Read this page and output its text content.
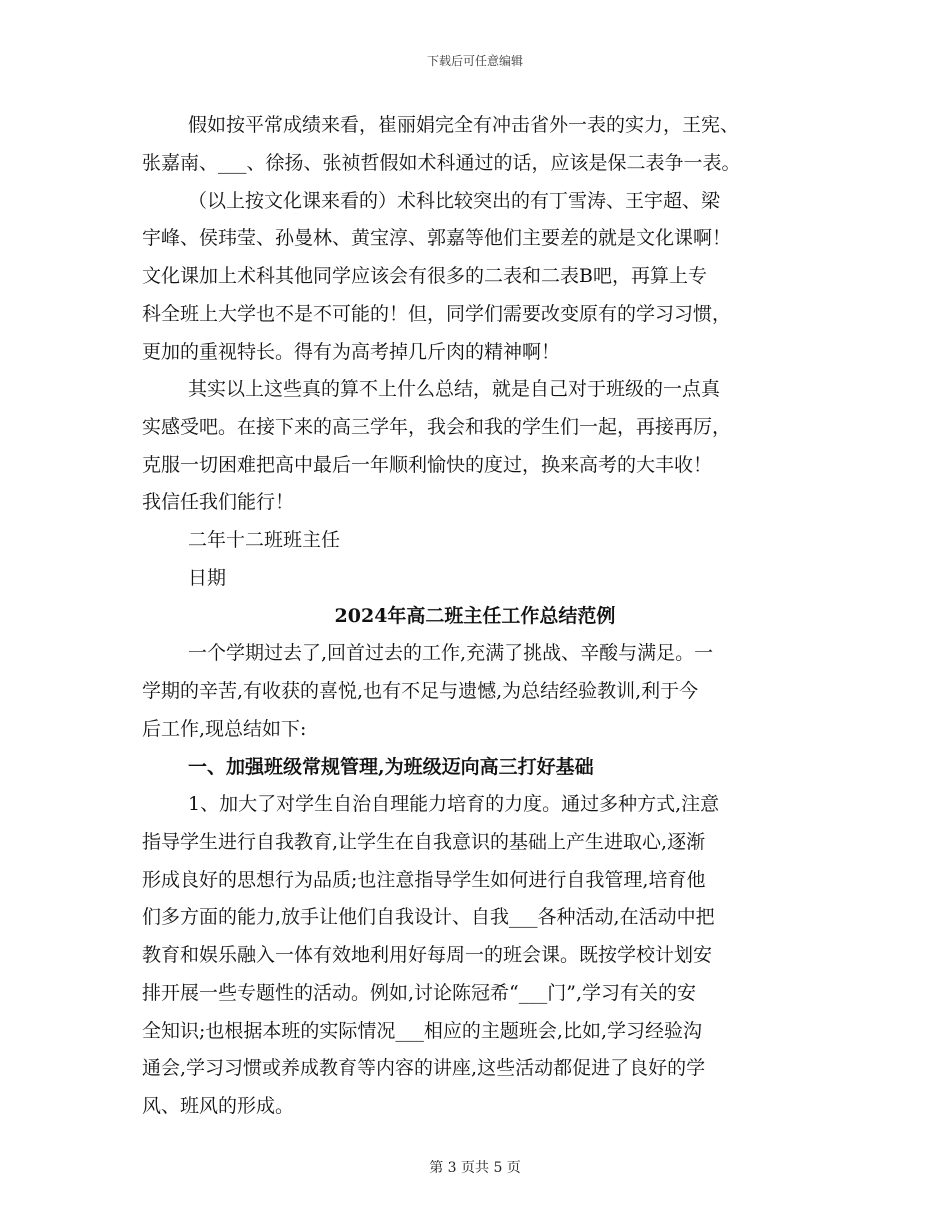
下载后可任意编辑
假如按平常成绩来看，崔丽娟完全有冲击省外一表的实力，王宪、
张嘉南、___、徐扬、张祯哲假如术科通过的话，应该是保二表争一表。
（以上按文化课来看的）术科比较突出的有丁雪涛、王宇超、梁
宇峰、侯玮莹、孙曼林、黄宝淳、郭嘉等他们主要差的就是文化课啊！
文化课加上术科其他同学应该会有很多的二表和二表B吧，再算上专
科全班上大学也不是不可能的！但，同学们需要改变原有的学习习惯，
更加的重视特长。得有为高考掉几斤肉的精神啊！
其实以上这些真的算不上什么总结，就是自己对于班级的一点真
实感受吧。在接下来的高三学年，我会和我的学生们一起，再接再厉，
克服一切困难把高中最后一年顺利愉快的度过，换来高考的大丰收！
我信任我们能行！
二年十二班班主任
日期
2024年高二班主任工作总结范例
一个学期过去了,回首过去的工作,充满了挑战、辛酸与满足。一
学期的辛苦,有收获的喜悦,也有不足与遗憾,为总结经验教训,利于今
后工作,现总结如下:
一、加强班级常规管理,为班级迈向高三打好基础
1、加大了对学生自治自理能力培育的力度。通过多种方式,注意
指导学生进行自我教育,让学生在自我意识的基础上产生进取心,逐渐
形成良好的思想行为品质;也注意指导学生如何进行自我管理,培育他
们多方面的能力,放手让他们自我设计、自我___各种活动,在活动中把
教育和娱乐融入一体有效地利用好每周一的班会课。既按学校计划安
排开展一些专题性的活动。例如,讨论陈冠希“___门”,学习有关的安
全知识;也根据本班的实际情况___相应的主题班会,比如,学习经验沟
通会,学习习惯或养成教育等内容的讲座,这些活动都促进了良好的学
风、班风的形成。
第 3 页共 5 页
